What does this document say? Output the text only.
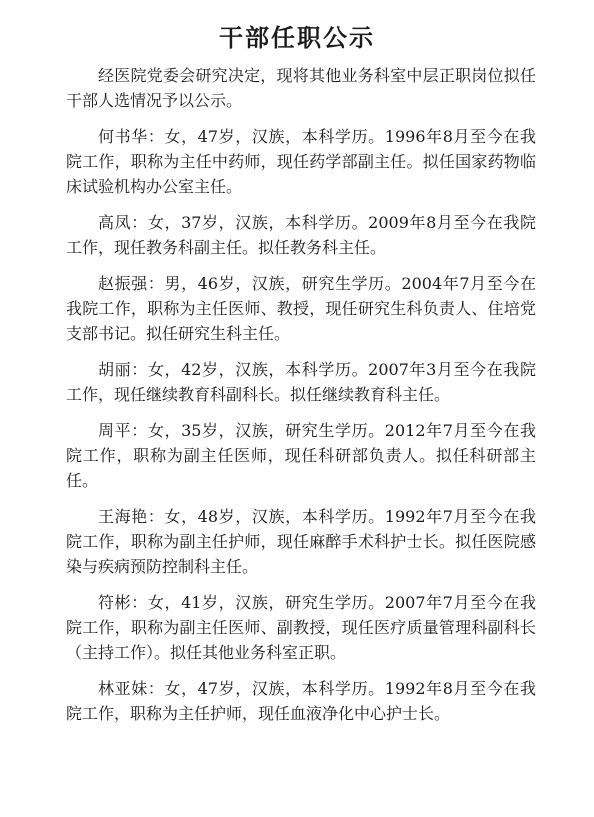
干部任职公示

经医院党委会研究决定，现将其他业务科室中层正职岗位拟任干部人选情况予以公示。

何书华：女，47岁，汉族，本科学历。1996年8月至今在我院工作，职称为主任中药师，现任药学部副主任。拟任国家药物临床试验机构办公室主任。

高凤：女，37岁，汉族，本科学历。2009年8月至今在我院工作，现任教务科副主任。拟任教务科主任。

赵振强：男，46岁，汉族，研究生学历。2004年7月至今在我院工作，职称为主任医师、教授，现任研究生科负责人、住培党支部书记。拟任研究生科主任。

胡丽：女，42岁，汉族，本科学历。2007年3月至今在我院工作，现任继续教育科副科长。拟任继续教育科主任。

周平：女，35岁，汉族，研究生学历。2012年7月至今在我院工作，职称为副主任医师，现任科研部负责人。拟任科研部主任。

王海艳：女，48岁，汉族，本科学历。1992年7月至今在我院工作，职称为副主任护师，现任麻醉手术科护士长。拟任医院感染与疾病预防控制科主任。

符彬：女，41岁，汉族，研究生学历。2007年7月至今在我院工作，职称为副主任医师、副教授，现任医疗质量管理科副科长（主持工作）。拟任其他业务科室正职。

林亚妹：女，47岁，汉族，本科学历。1992年8月至今在我院工作，职称为主任护师，现任血液净化中心护士长。
